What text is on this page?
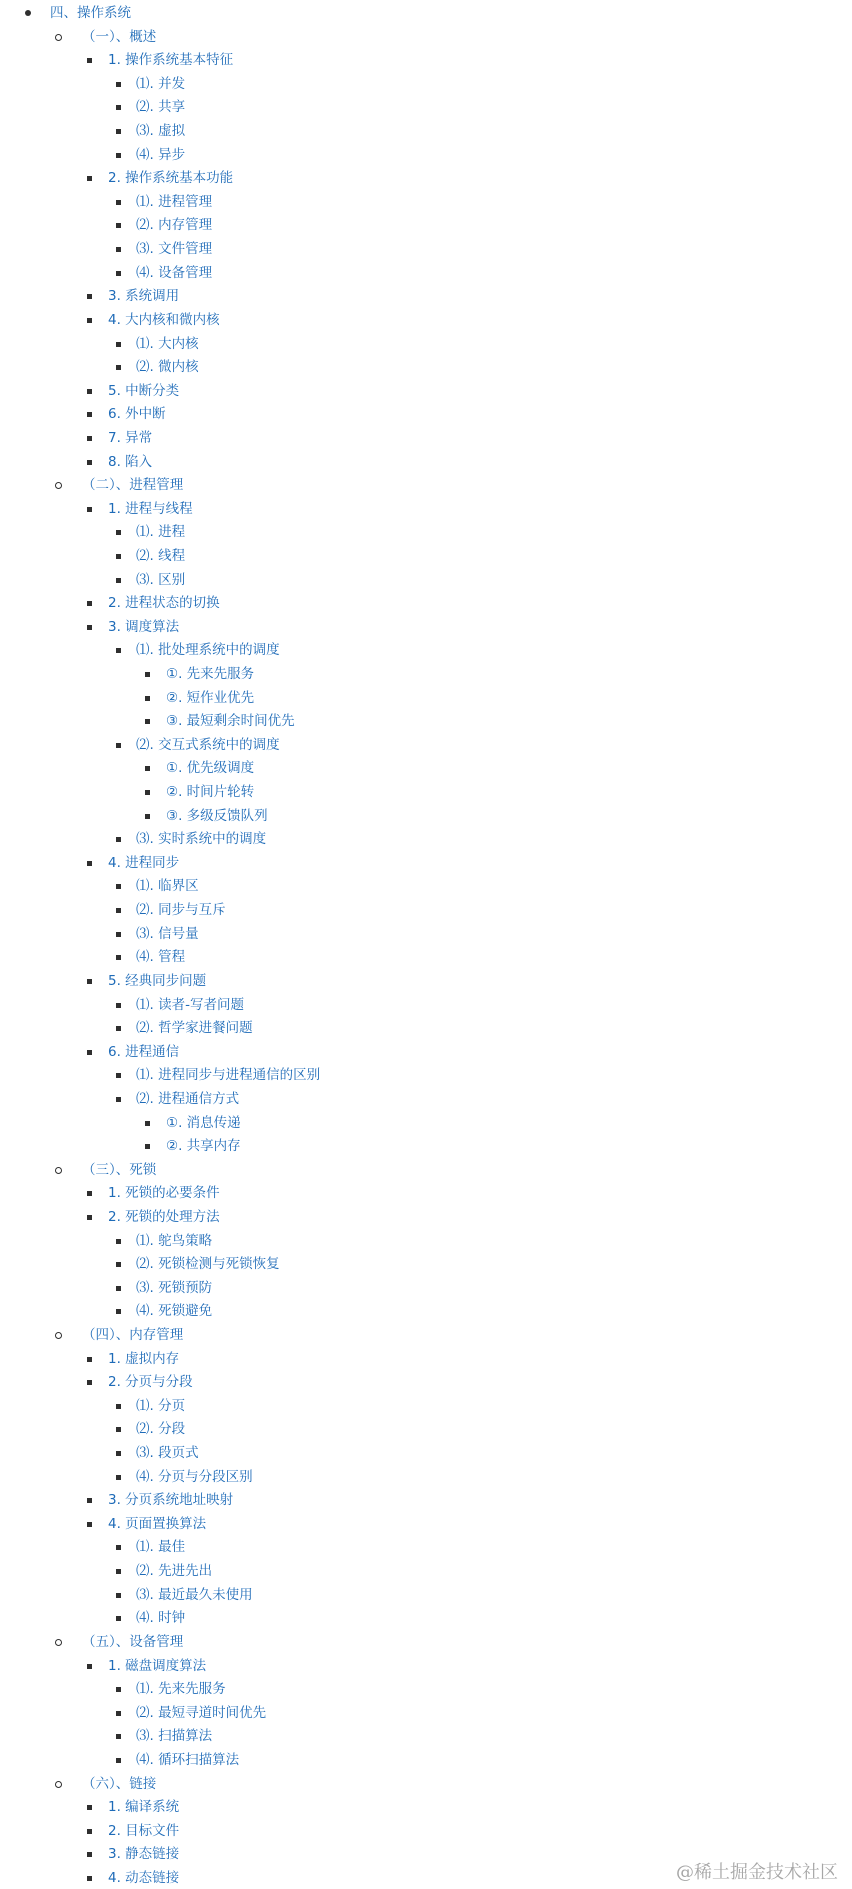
四、操作系统
（一）、概述
1. 操作系统基本特征
⑴. 并发
⑵. 共享
⑶. 虚拟
⑷. 异步
2. 操作系统基本功能
⑴. 进程管理
⑵. 内存管理
⑶. 文件管理
⑷. 设备管理
3. 系统调用
4. 大内核和微内核
⑴. 大内核
⑵. 微内核
5. 中断分类
6. 外中断
7. 异常
8. 陷入
（二）、进程管理
1. 进程与线程
⑴. 进程
⑵. 线程
⑶. 区别
2. 进程状态的切换
3. 调度算法
⑴. 批处理系统中的调度
①. 先来先服务
②. 短作业优先
③. 最短剩余时间优先
⑵. 交互式系统中的调度
①. 优先级调度
②. 时间片轮转
③. 多级反馈队列
⑶. 实时系统中的调度
4. 进程同步
⑴. 临界区
⑵. 同步与互斥
⑶. 信号量
⑷. 管程
5. 经典同步问题
⑴. 读者-写者问题
⑵. 哲学家进餐问题
6. 进程通信
⑴. 进程同步与进程通信的区别
⑵. 进程通信方式
①. 消息传递
②. 共享内存
（三）、死锁
1. 死锁的必要条件
2. 死锁的处理方法
⑴. 鸵鸟策略
⑵. 死锁检测与死锁恢复
⑶. 死锁预防
⑷. 死锁避免
（四）、内存管理
1. 虚拟内存
2. 分页与分段
⑴. 分页
⑵. 分段
⑶. 段页式
⑷. 分页与分段区别
3. 分页系统地址映射
4. 页面置换算法
⑴. 最佳
⑵. 先进先出
⑶. 最近最久未使用
⑷. 时钟
（五）、设备管理
1. 磁盘调度算法
⑴. 先来先服务
⑵. 最短寻道时间优先
⑶. 扫描算法
⑷. 循环扫描算法
（六）、链接
1. 编译系统
2. 目标文件
3. 静态链接
4. 动态链接	@稀土掘金技术社区
